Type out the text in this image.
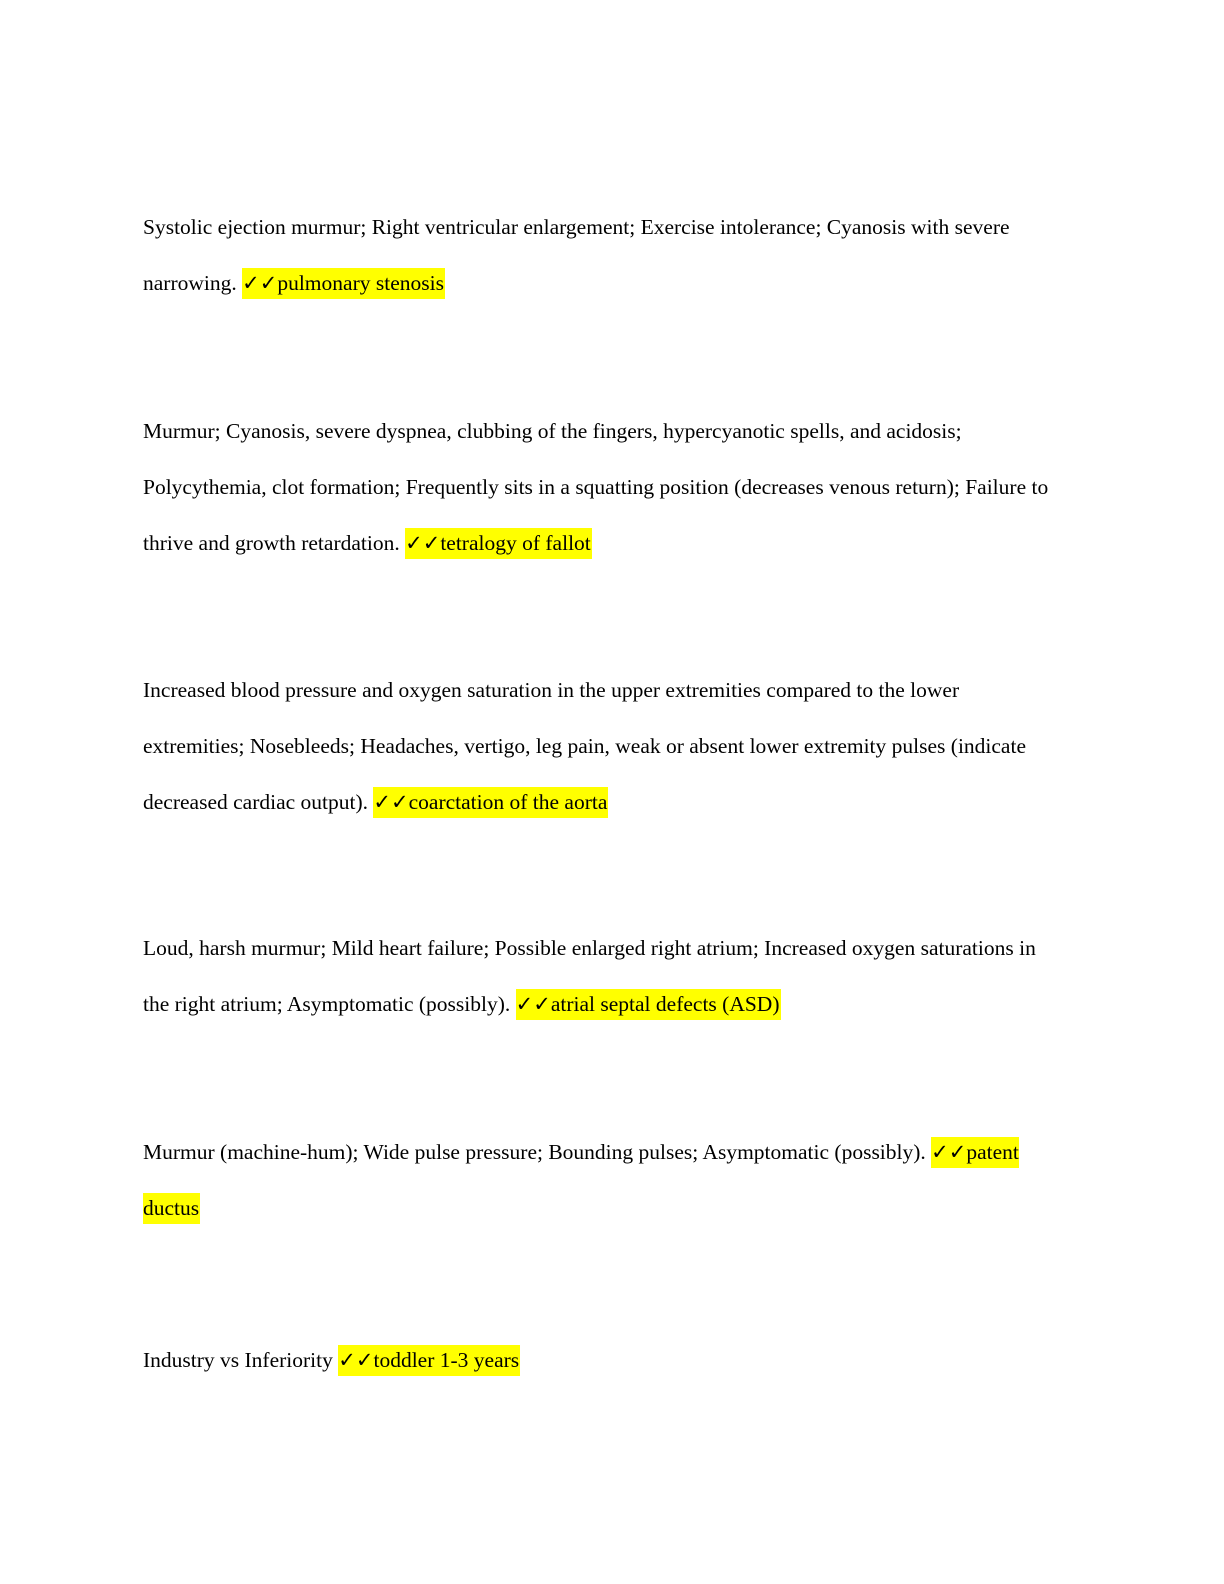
Systolic ejection murmur; Right ventricular enlargement; Exercise intolerance; Cyanosis with severe narrowing. ✓✓pulmonary stenosis

Murmur; Cyanosis, severe dyspnea, clubbing of the fingers, hypercyanotic spells, and acidosis; Polycythemia, clot formation; Frequently sits in a squatting position (decreases venous return); Failure to thrive and growth retardation. ✓✓tetralogy of fallot

Increased blood pressure and oxygen saturation in the upper extremities compared to the lower extremities; Nosebleeds; Headaches, vertigo, leg pain, weak or absent lower extremity pulses (indicate decreased cardiac output). ✓✓coarctation of the aorta

Loud, harsh murmur; Mild heart failure; Possible enlarged right atrium; Increased oxygen saturations in the right atrium; Asymptomatic (possibly). ✓✓atrial septal defects (ASD)

Murmur (machine-hum); Wide pulse pressure; Bounding pulses; Asymptomatic (possibly). ✓✓patent ductus

Industry vs Inferiority ✓✓toddler 1-3 years
